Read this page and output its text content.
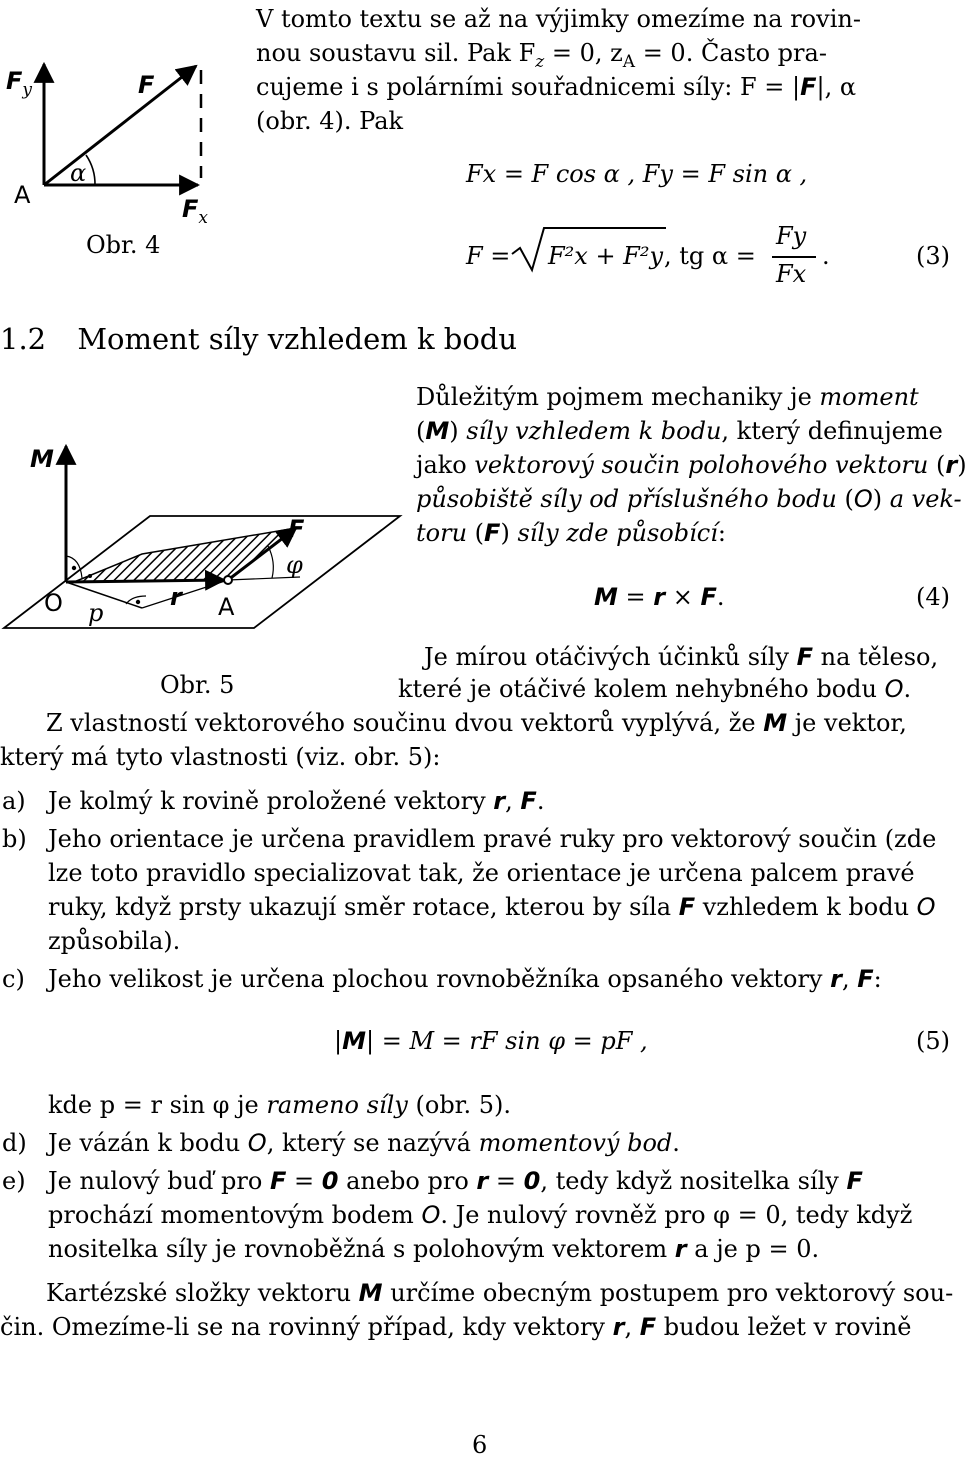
$F_y$	F
A
α
$F_x$
Obr. 4
V tomto textu se až na výjimky omezíme na rovin-
nou soustavu sil. Pak $F_z = 0$, $z_A = 0$. Často pra-
cujeme i s polárními souřadnicemi síly: F = |F|, α
(obr. 4). Pak
Fx = F cos α , Fy = F sin α ,
F = F²x + F²y , tg α =
Fy
Fx
.	(3)
1.2 Moment síly vzhledem k bodu
M
F
φ
O p
r A
Obr. 5
Důležitým pojmem mechaniky je moment
(M) síly vzhledem k bodu, který definujeme
jako vektorový součin polohového vektoru (r)
působiště síly od příslušného bodu (O) a vek-
toru (F) síly zde působící:
M = r × F.	(4)
Je mírou otáčivých účinků síly F na těleso,
které je otáčivé kolem nehybného bodu O.
Z vlastností vektorového součinu dvou vektorů vyplývá, že M je vektor,
který má tyto vlastnosti (viz. obr. 5):
a) Je kolmý k rovině proložené vektory r, F.
b) Jeho orientace je určena pravidlem pravé ruky pro vektorový součin (zde
lze toto pravidlo specializovat tak, že orientace je určena palcem pravé
ruky, když prsty ukazují směr rotace, kterou by síla F vzhledem k bodu O
způsobila).
c) Jeho velikost je určena plochou rovnoběžníka opsaného vektory r, F:
|M| = M = rF sin φ = pF ,	(5)
kde p = r sin φ je rameno síly (obr. 5).
d) Je vázán k bodu O, který se nazývá momentový bod.
e) Je nulový buď pro F = 0 anebo pro r = 0, tedy když nositelka síly F
prochází momentovým bodem O. Je nulový rovněž pro φ = 0, tedy když
nositelka síly je rovnoběžná s polohovým vektorem r a je p = 0.
Kartézské složky vektoru M určíme obecným postupem pro vektorový sou-
čin. Omezíme-li se na rovinný případ, kdy vektory r, F budou ležet v rovině
6
